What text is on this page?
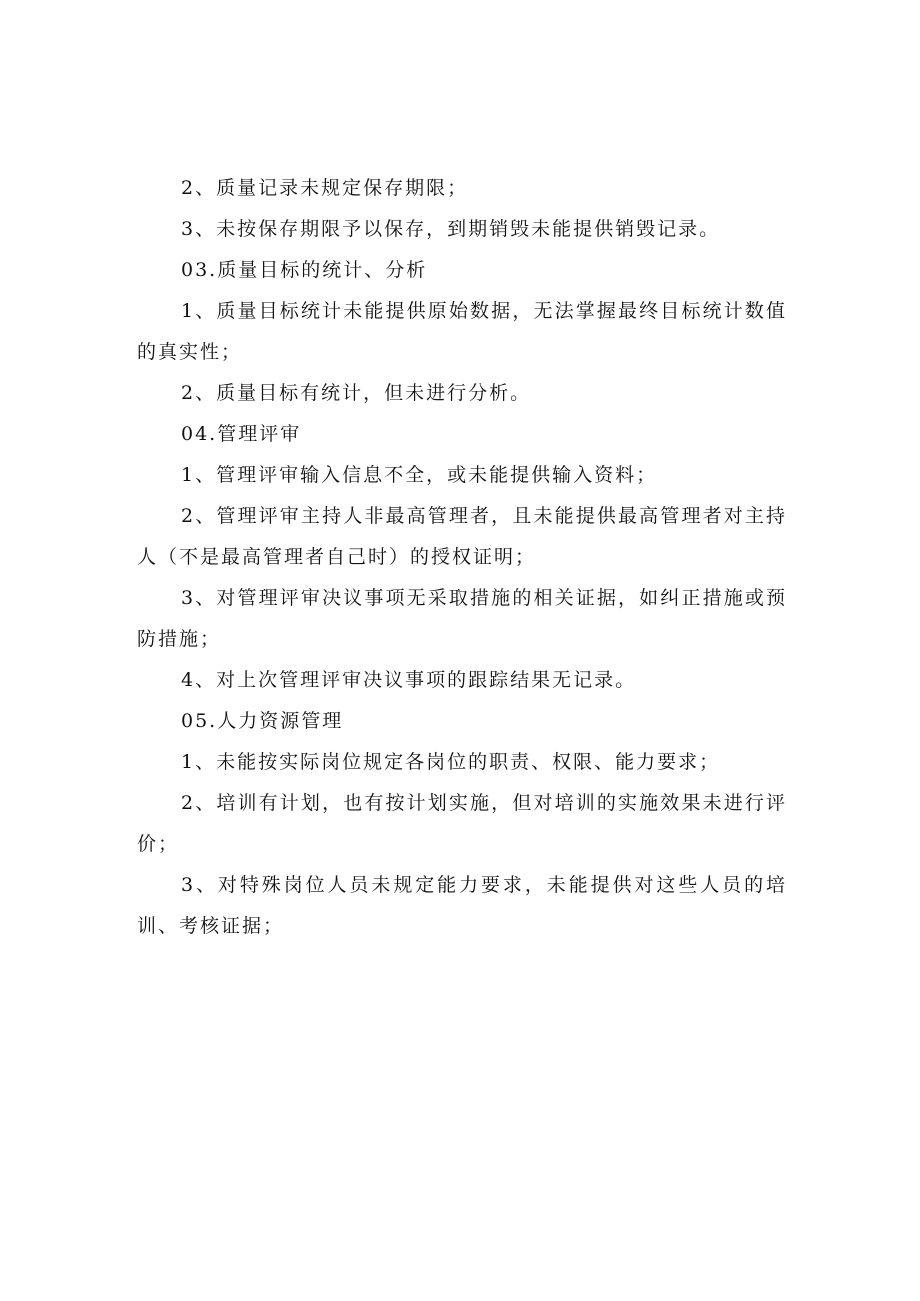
2、质量记录未规定保存期限；

3、未按保存期限予以保存，到期销毁未能提供销毁记录。

03.质量目标的统计、分析

1、质量目标统计未能提供原始数据，无法掌握最终目标统计数值的真实性；

2、质量目标有统计，但未进行分析。

04.管理评审

1、管理评审输入信息不全，或未能提供输入资料；

2、管理评审主持人非最高管理者，且未能提供最高管理者对主持人（不是最高管理者自己时）的授权证明；

3、对管理评审决议事项无采取措施的相关证据，如纠正措施或预防措施；

4、对上次管理评审决议事项的跟踪结果无记录。

05.人力资源管理

1、未能按实际岗位规定各岗位的职责、权限、能力要求；

2、培训有计划，也有按计划实施，但对培训的实施效果未进行评价；

3、对特殊岗位人员未规定能力要求，未能提供对这些人员的培训、考核证据；
